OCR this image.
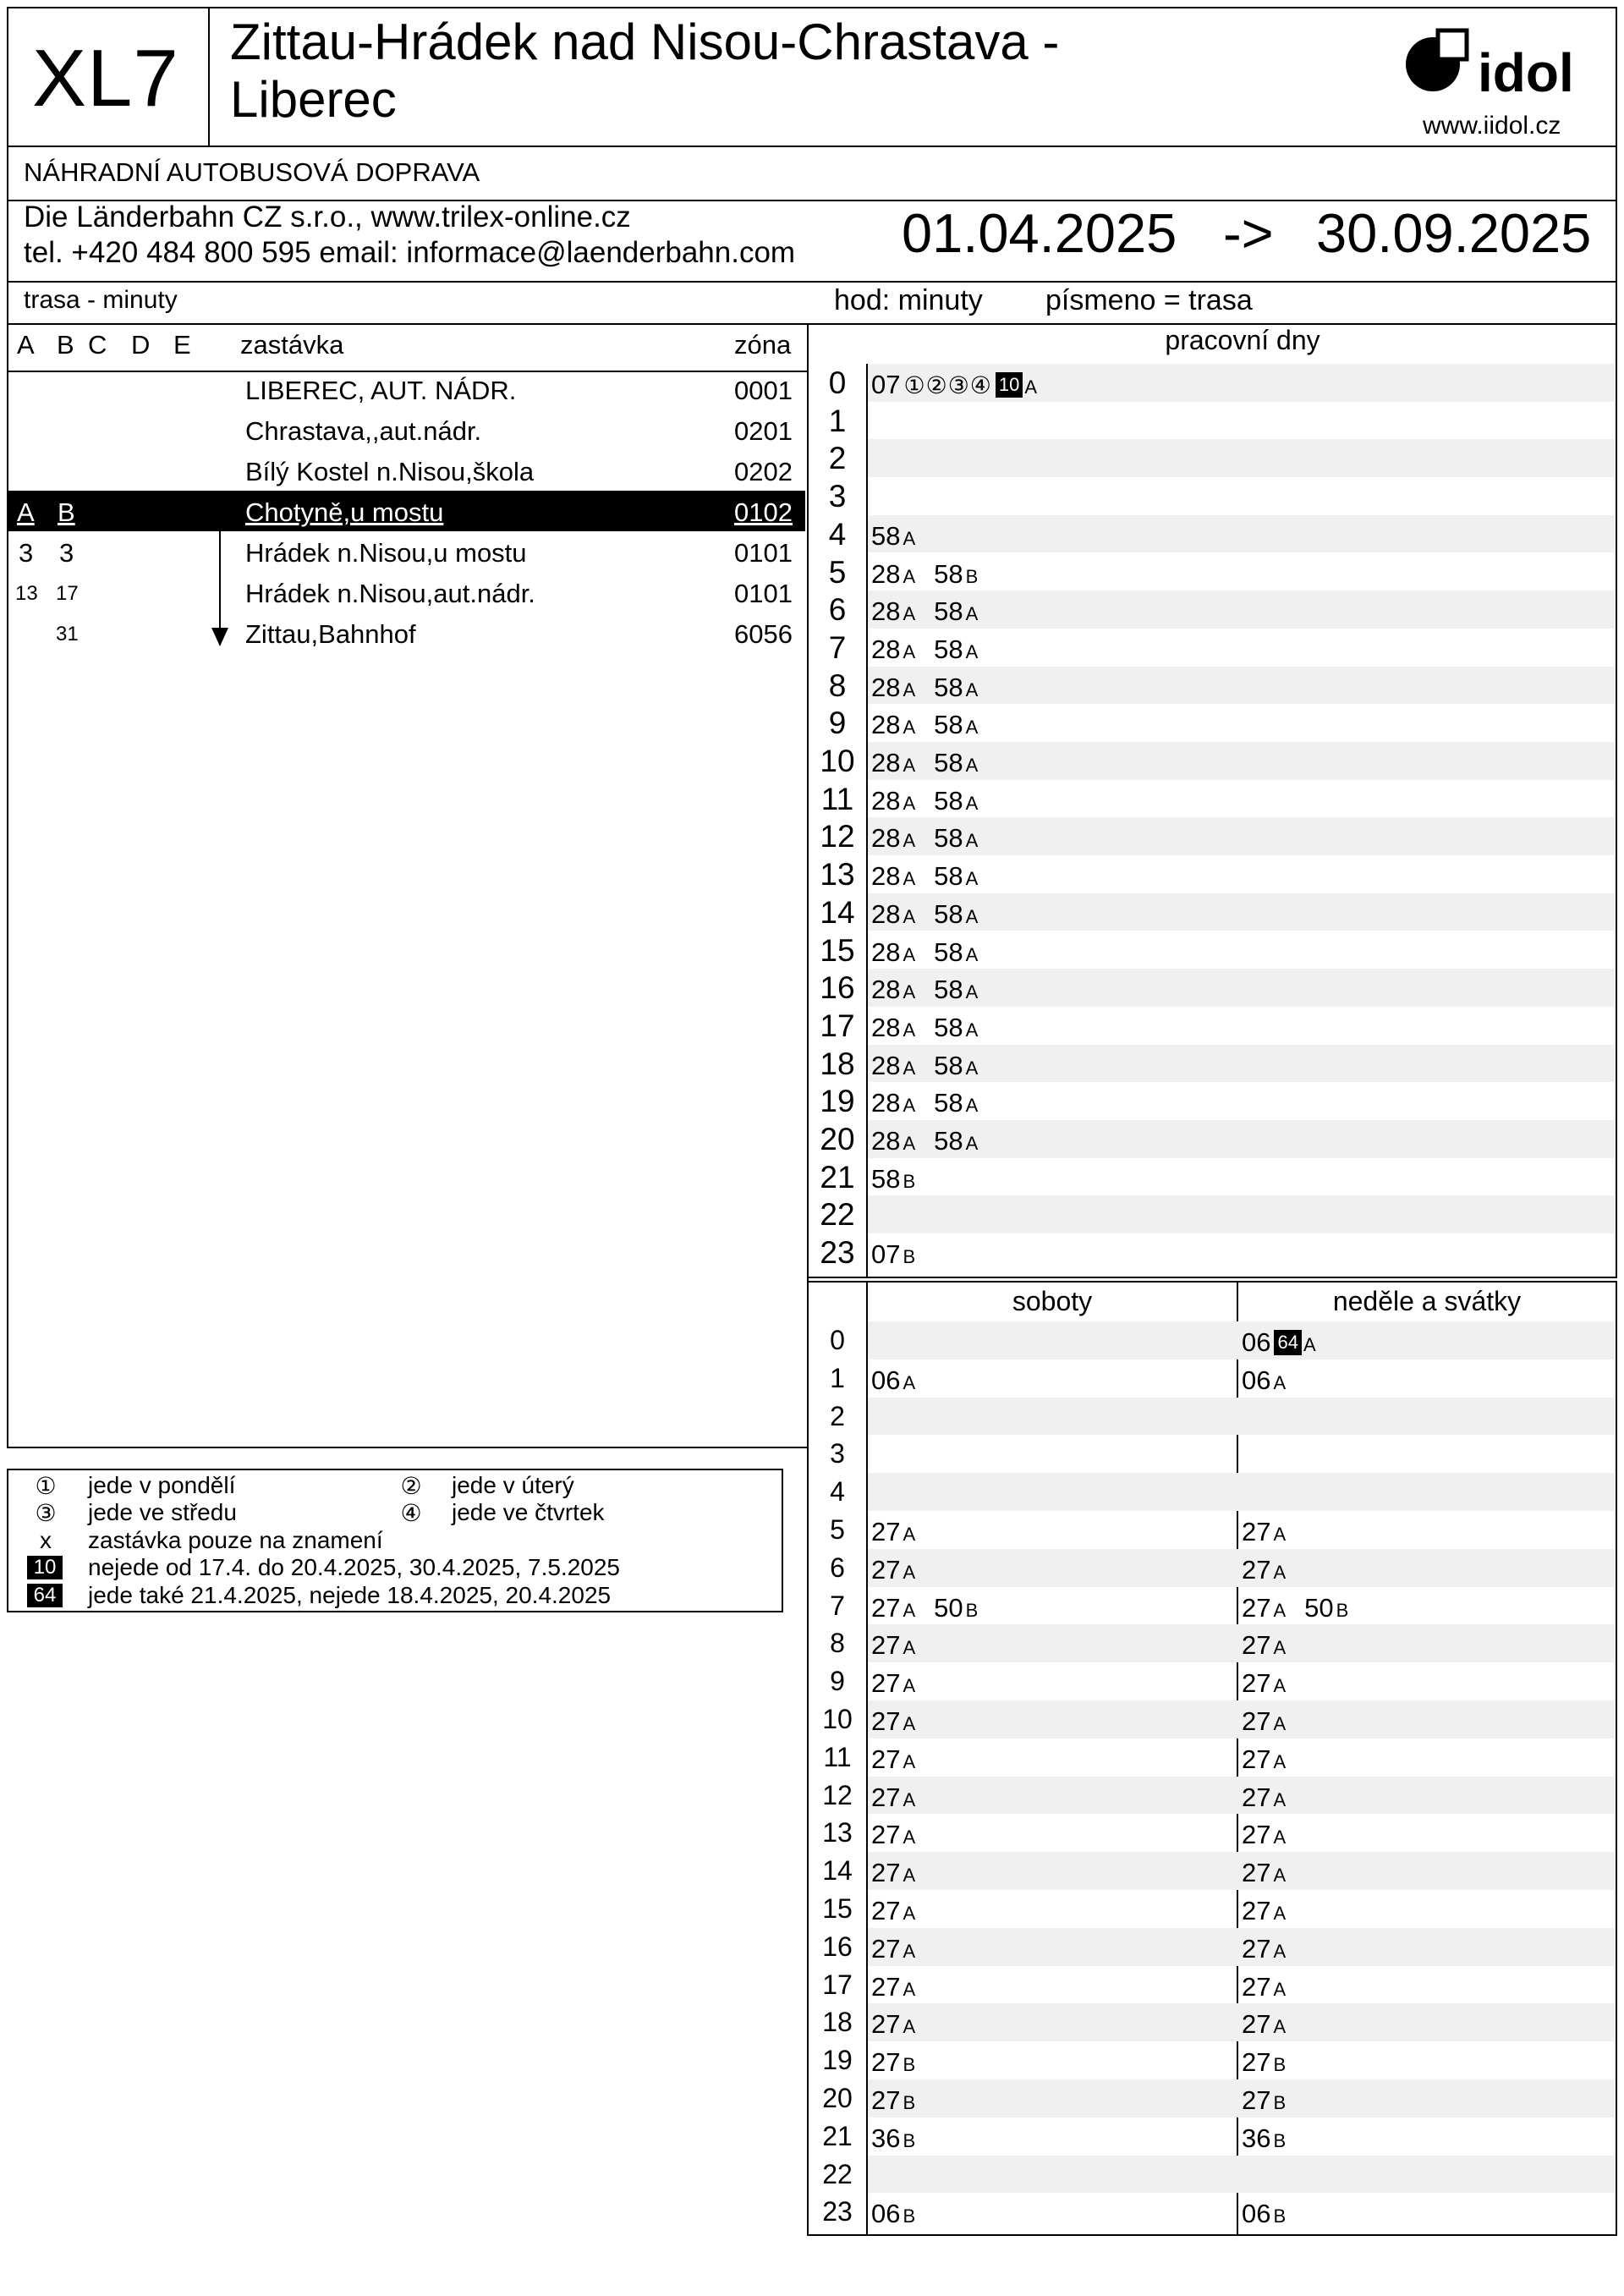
XL7 Zittau-Hrádek nad Nisou-Chrastava -
Liberec	idol
www.iidol.cz
NÁHRADNÍ AUTOBUSOVÁ DOPRAVA
Die Länderbahn CZ s.r.o., www.trilex-online.cz
tel. +420 484 800 595 email: informace@laenderbahn.com 01.04.2025 -> 30.09.2025
trasa - minuty	hod: minuty písmeno = trasa
A B C D E zastávka	zóna
LIBEREC, AUT. NÁDR.	0001
Chrastava,,aut.nádr.	0201
Bílý Kostel n.Nisou,škola	0202
A B	Chotyně,u mostu	0102
3 3	Hrádek n.Nisou,u mostu	0101
13 17	Hrádek n.Nisou,aut.nádr.	0101
31	Zittau,Bahnhof	6056
① jede v pondělí	② jede v úterý
③ jede ve středu	④ jede ve čtvrtek
x	zastávka pouze na znamení
10 nejede od 17.4. do 20.4.2025, 30.4.2025, 7.5.2025
64 jede také 21.4.2025, nejede 18.4.2025, 20.4.2025
pracovní dny
0 07 ①②③④ 10 A
1
2
3
4 58 A
5 28 A 58 B
6 28 A 58 A
7 28 A 58 A
8 28 A 58 A
9 28 A 58 A
10 28 A 58 A
11 28 A 58 A
12 28 A 58 A
13 28 A 58 A
14 28 A 58 A
15 28 A 58 A
16 28 A 58 A
17 28 A 58 A
18 28 A 58 A
19 28 A 58 A
20 28 A 58 A
21 58 B
22
23 07 B
soboty	neděle a svátky
0	06 64 A
1	06 A	06 A
2
3
4
5	27 A	27 A
6	27 A	27 A
7	27 A 50 B	27 A 50 B
8	27 A	27 A
9	27 A	27 A
10 27 A	27 A
11 27 A	27 A
12 27 A	27 A
13 27 A	27 A
14 27 A	27 A
15 27 A	27 A
16 27 A	27 A
17 27 A	27 A
18 27 A	27 A
19 27 B	27 B
20 27 B	27 B
21 36 B	36 B
22
23 06 B	06 B
